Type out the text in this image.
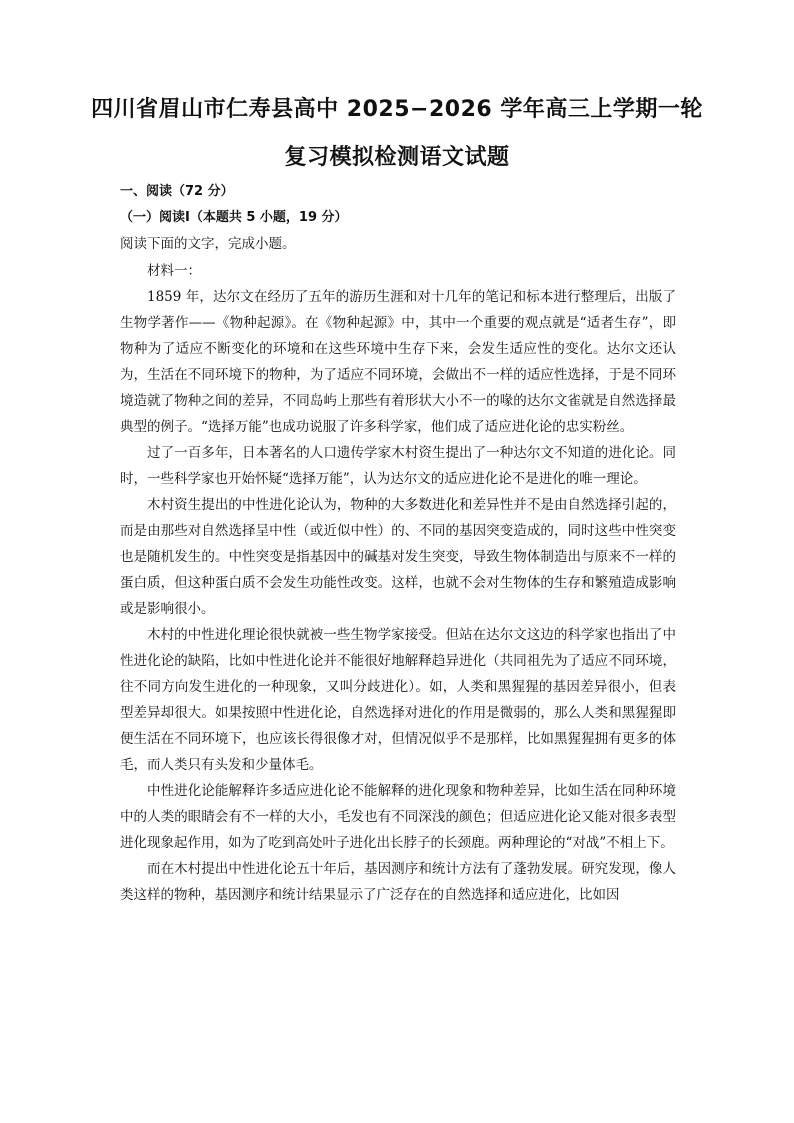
四川省眉山市仁寿县高中 2025−2026 学年高三上学期一轮
复习模拟检测语文试题
一、阅读（72 分）
（一）阅读Ⅰ（本题共 5 小题，19 分）
阅读下面的文字，完成小题。

材料一：

1859 年，达尔文在经历了五年的游历生涯和对十几年的笔记和标本进行整理后，出版了生物学著作——《物种起源》。在《物种起源》中，其中一个重要的观点就是“适者生存”，即物种为了适应不断变化的环境和在这些环境中生存下来，会发生适应性的变化。达尔文还认为，生活在不同环境下的物种，为了适应不同环境，会做出不一样的适应性选择，于是不同环境造就了物种之间的差异，不同岛屿上那些有着形状大小不一的喙的达尔文雀就是自然选择最典型的例子。“选择万能”也成功说服了许多科学家，他们成了适应进化论的忠实粉丝。

过了一百多年，日本著名的人口遗传学家木村资生提出了一种达尔文不知道的进化论。同时，一些科学家也开始怀疑“选择万能”，认为达尔文的适应进化论不是进化的唯一理论。

木村资生提出的中性进化论认为，物种的大多数进化和差异性并不是由自然选择引起的，而是由那些对自然选择呈中性（或近似中性）的、不同的基因突变造成的，同时这些中性突变也是随机发生的。中性突变是指基因中的碱基对发生突变，导致生物体制造出与原来不一样的蛋白质，但这种蛋白质不会发生功能性改变。这样，也就不会对生物体的生存和繁殖造成影响或是影响很小。

木村的中性进化理论很快就被一些生物学家接受。但站在达尔文这边的科学家也指出了中性进化论的缺陷，比如中性进化论并不能很好地解释趋异进化（共同祖先为了适应不同环境，往不同方向发生进化的一种现象，又叫分歧进化）。如，人类和黑猩猩的基因差异很小，但表型差异却很大。如果按照中性进化论，自然选择对进化的作用是微弱的，那么人类和黑猩猩即便生活在不同环境下，也应该长得很像才对，但情况似乎不是那样，比如黑猩猩拥有更多的体毛，而人类只有头发和少量体毛。

中性进化论能解释许多适应进化论不能解释的进化现象和物种差异，比如生活在同种环境中的人类的眼睛会有不一样的大小，毛发也有不同深浅的颜色；但适应进化论又能对很多表型进化现象起作用，如为了吃到高处叶子进化出长脖子的长颈鹿。两种理论的“对战”不相上下。

而在木村提出中性进化论五十年后，基因测序和统计方法有了蓬勃发展。研究发现，像人类这样的物种，基因测序和统计结果显示了广泛存在的自然选择和适应进化，比如因
